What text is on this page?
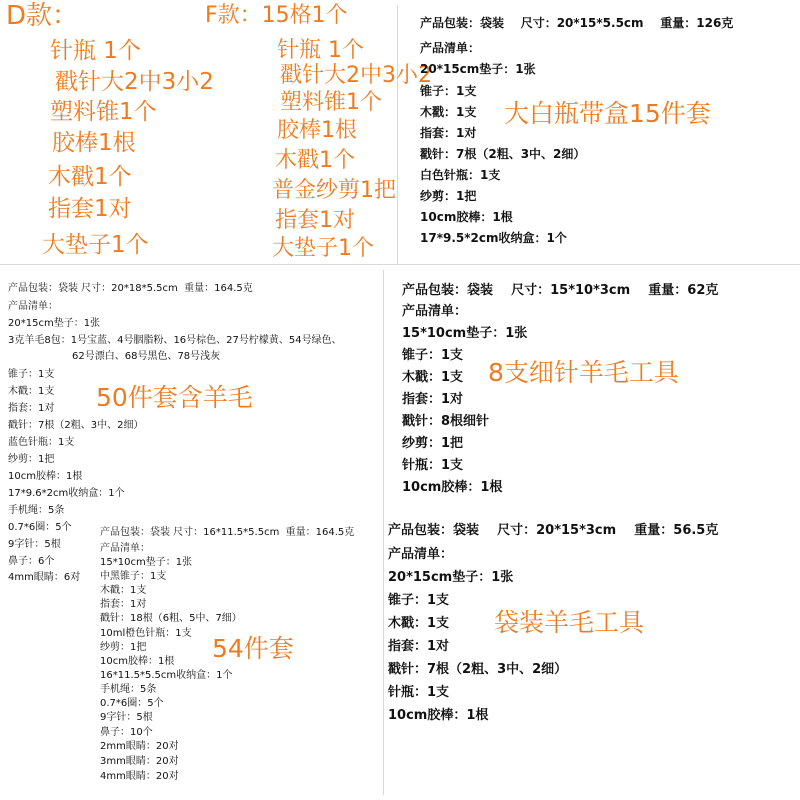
D款：
针瓶 1个
戳针大2中3小2
塑料锥1个
胶棒1根
木戳1个
指套1对
大垫子1个
F款：15格1个
针瓶 1个
戳针大2中3小2
塑料锥1个
胶棒1根
木戳1个
普金纱剪1把
指套1对
大垫子1个
产品包装：袋装    尺寸：20*15*5.5cm    重量：126克
产品清单：
20*15cm垫子：1张
锥子：1支
木戳：1支
指套：1对
戳针：7根（2粗、3中、2细）
白色针瓶：1支
纱剪：1把
10cm胶棒：1根
17*9.5*2cm收纳盒：1个
大白瓶带盒15件套
产品包装：袋装 尺寸：20*18*5.5cm  重量：164.5克
产品清单：
20*15cm垫子：1张
3克羊毛8包：1号宝蓝、4号胭脂粉、16号棕色、27号柠檬黄、54号绿色、
62号漂白、68号黑色、78号浅灰
锥子：1支
木戳：1支
指套：1对
戳针：7根（2粗、3中、2细）
蓝色针瓶：1支
纱剪：1把
10cm胶棒：1根
17*9.6*2cm收纳盒：1个
手机绳：5条
0.7*6圈：5个
9字针：5根
鼻子：6个
4mm眼睛：6对
50件套含羊毛
产品包装：袋装    尺寸：15*10*3cm    重量：62克
产品清单：
15*10cm垫子：1张
锥子：1支
木戳：1支
指套：1对
戳针：8根细针
纱剪：1把
针瓶：1支
10cm胶棒：1根
8支细针羊毛工具
产品包装：袋装 尺寸：16*11.5*5.5cm  重量：164.5克
产品清单：
15*10cm垫子：1张
中黑锥子：1支
木戳：1支
指套：1对
戳针：18根（6粗、5中、7细）
10ml橙色针瓶：1支
纱剪：1把
10cm胶棒：1根
16*11.5*5.5cm收纳盒：1个
手机绳：5条
0.7*6圈：5个
9字针：5根
鼻子：10个
2mm眼睛：20对
3mm眼睛：20对
4mm眼睛：20对
54件套
产品包装：袋装    尺寸：20*15*3cm    重量：56.5克
产品清单：
20*15cm垫子：1张
锥子：1支
木戳：1支
指套：1对
戳针：7根（2粗、3中、2细）
针瓶：1支
10cm胶棒：1根
袋装羊毛工具
